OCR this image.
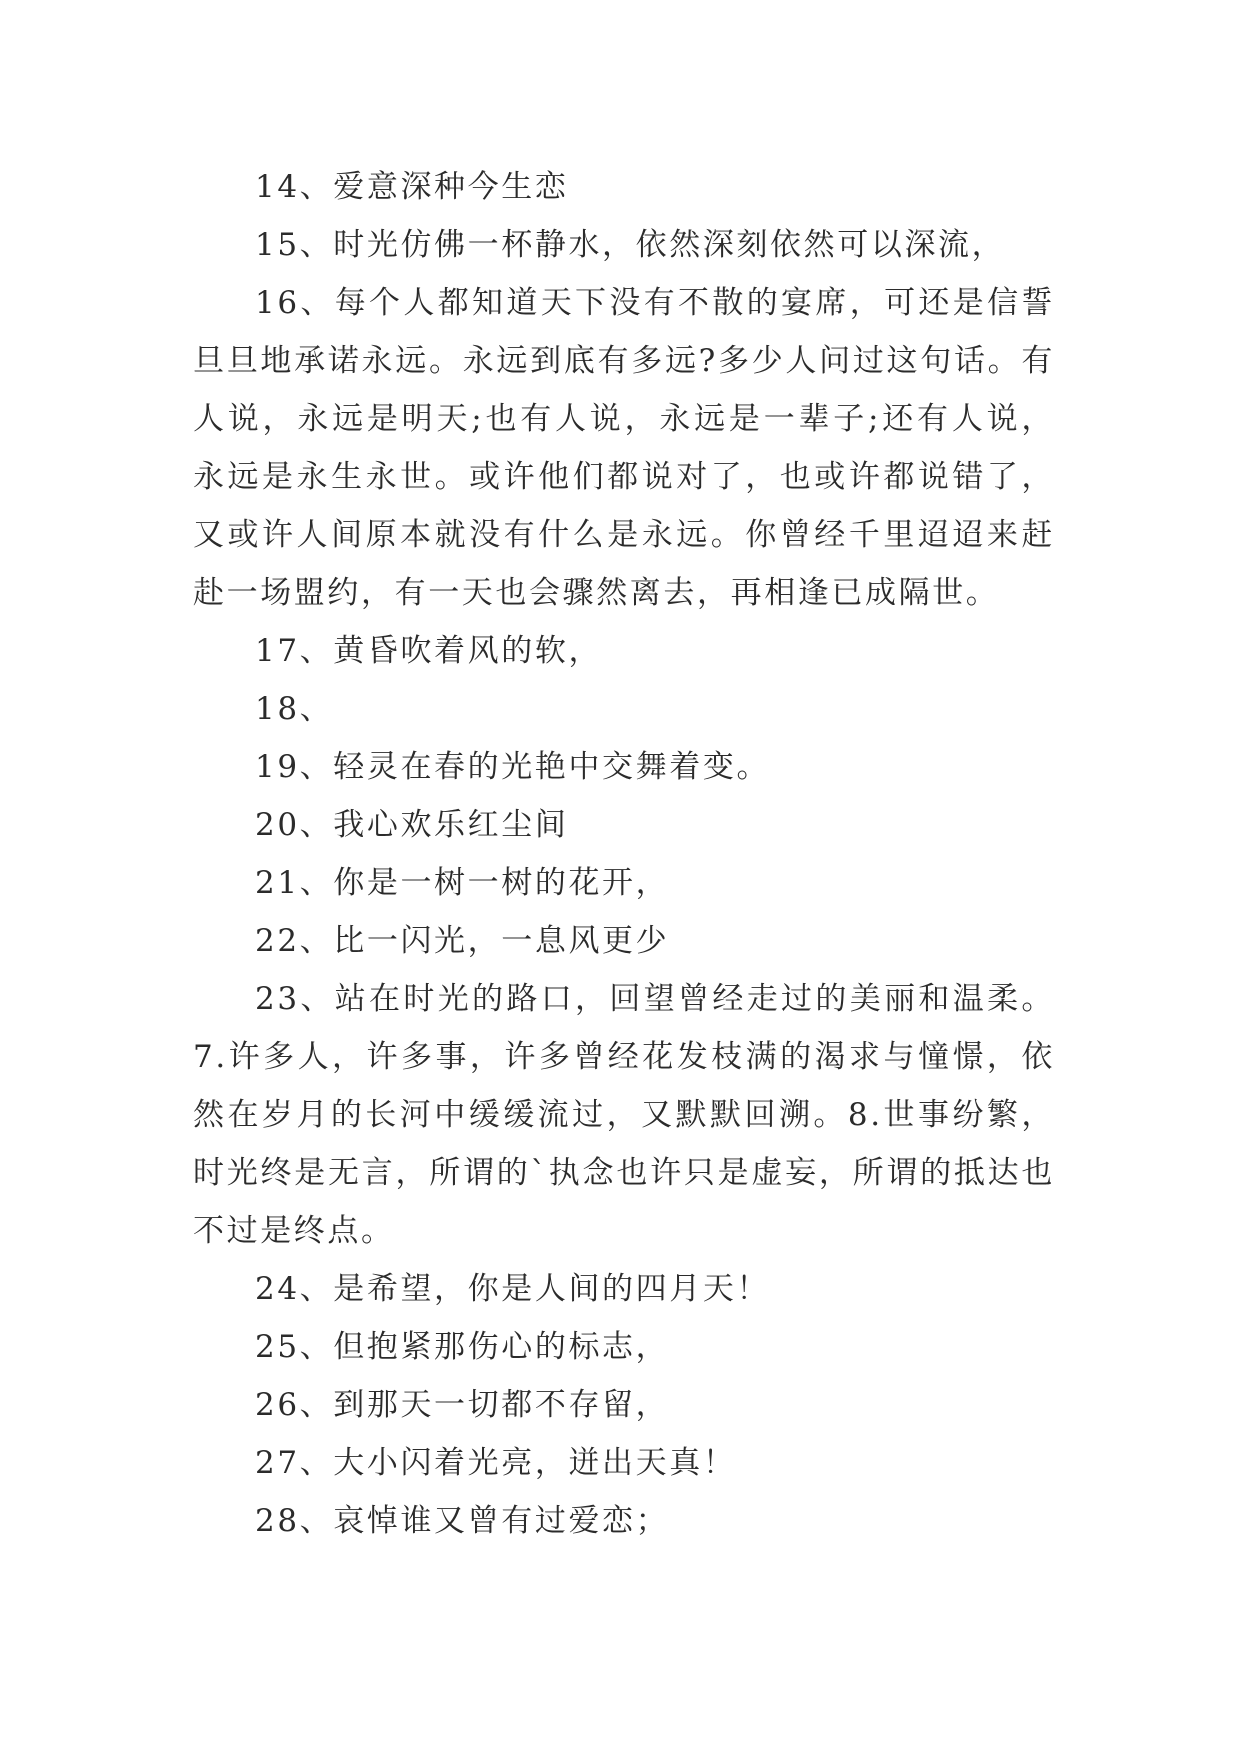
14、爱意深种今生恋

15、时光仿佛一杯静水，依然深刻依然可以深流，

16、每个人都知道天下没有不散的宴席，可还是信誓旦旦地承诺永远。永远到底有多远?多少人问过这句话。有人说，永远是明天;也有人说，永远是一辈子;还有人说，永远是永生永世。或许他们都说对了，也或许都说错了，又或许人间原本就没有什么是永远。你曾经千里迢迢来赶赴一场盟约，有一天也会骤然离去，再相逢已成隔世。

17、黄昏吹着风的软，

18、

19、轻灵在春的光艳中交舞着变。

20、我心欢乐红尘间

21、你是一树一树的花开，

22、比一闪光，一息风更少

23、站在时光的路口，回望曾经走过的美丽和温柔。7.许多人，许多事，许多曾经花发枝满的渴求与憧憬，依然在岁月的长河中缓缓流过，又默默回溯。8.世事纷繁，时光终是无言，所谓的`执念也许只是虚妄，所谓的抵达也不过是终点。

24、是希望，你是人间的四月天！

25、但抱紧那伤心的标志，

26、到那天一切都不存留，

27、大小闪着光亮，迸出天真！

28、哀悼谁又曾有过爱恋；
